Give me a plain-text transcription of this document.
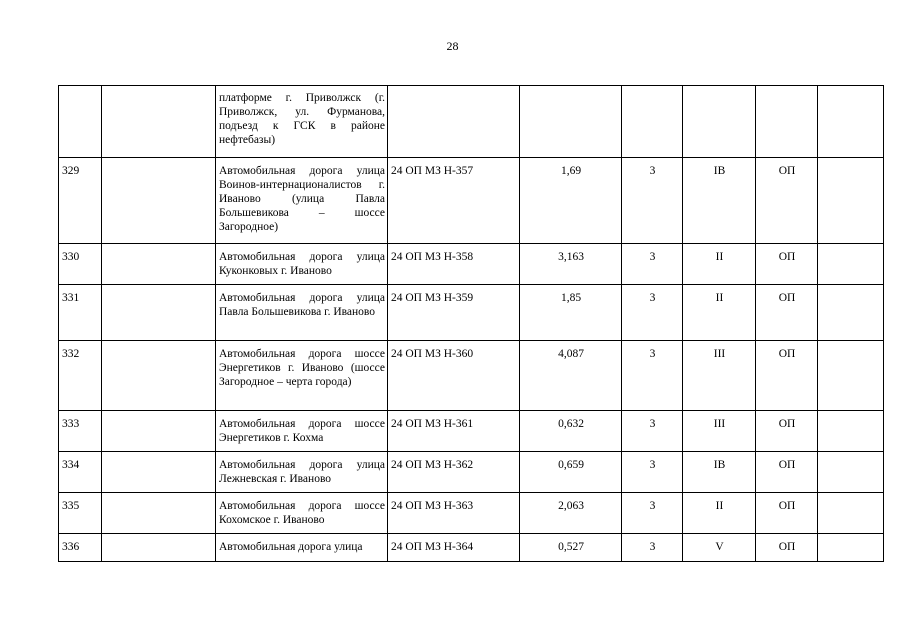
28
		платформе г. Приволжск (г. Приволжск, ул. Фурманова, подъезд к ГСК в районе нефтебазы)						
329		Автомобильная дорога улица Воинов-интернационалистов г. Иваново (улица Павла Большевикова – шоссе Загородное)	24 ОП МЗ Н-357	1,69	3	IB	ОП	
330		Автомобильная дорога улица Куконковых г. Иваново	24 ОП МЗ Н-358	3,163	3	II	ОП	
331		Автомобильная дорога улица Павла Большевикова г. Иваново	24 ОП МЗ Н-359	1,85	3	II	ОП	
332		Автомобильная дорога шоссе Энергетиков г. Иваново (шоссе Загородное – черта города)	24 ОП МЗ Н-360	4,087	3	III	ОП	
333		Автомобильная дорога шоссе Энергетиков г. Кохма	24 ОП МЗ Н-361	0,632	3	III	ОП	
334		Автомобильная дорога улица Лежневская г. Иваново	24 ОП МЗ Н-362	0,659	3	IB	ОП	
335		Автомобильная дорога шоссе Кохомское г. Иваново	24 ОП МЗ Н-363	2,063	3	II	ОП	
336		Автомобильная дорога улица	24 ОП МЗ Н-364	0,527	3	V	ОП	
